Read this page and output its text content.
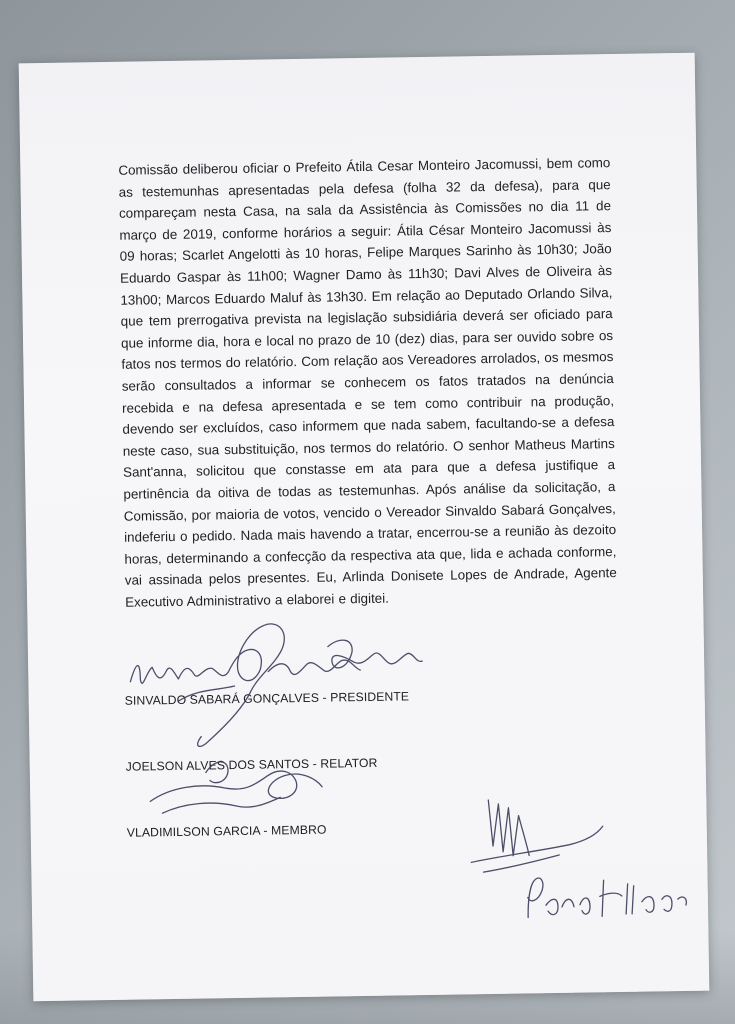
Comissão deliberou oficiar o Prefeito Átila Cesar Monteiro Jacomussi, bem como as testemunhas apresentadas pela defesa (folha 32 da defesa), para que compareçam nesta Casa, na sala da Assistência às Comissões no dia 11 de março de 2019, conforme horários a seguir: Átila César Monteiro Jacomussi às 09 horas; Scarlet Angelotti às 10 horas, Felipe Marques Sarinho às 10h30; João Eduardo Gaspar às 11h00; Wagner Damo às 11h30; Davi Alves de Oliveira às 13h00; Marcos Eduardo Maluf às 13h30. Em relação ao Deputado Orlando Silva, que tem prerrogativa prevista na legislação subsidiária deverá ser oficiado para que informe dia, hora e local no prazo de 10 (dez) dias, para ser ouvido sobre os fatos nos termos do relatório. Com relação aos Vereadores arrolados, os mesmos serão consultados a informar se conhecem os fatos tratados na denúncia recebida e na defesa apresentada e se tem como contribuir na produção, devendo ser excluídos, caso informem que nada sabem, facultando-se a defesa neste caso, sua substituição, nos termos do relatório. O senhor Matheus Martins Sant'anna, solicitou que constasse em ata para que a defesa justifique a pertinência da oitiva de todas as testemunhas. Após análise da solicitação, a Comissão, por maioria de votos, vencido o Vereador Sinvaldo Sabará Gonçalves, indeferiu o pedido. Nada mais havendo a tratar, encerrou-se a reunião às dezoito horas, determinando a confecção da respectiva ata que, lida e achada conforme, vai assinada pelos presentes. Eu, Arlinda Donisete Lopes de Andrade, Agente Executivo Administrativo a elaborei e digitei.

SINVALDO SABARÁ GONÇALVES - PRESIDENTE
JOELSON ALVES DOS SANTOS - RELATOR
VLADIMILSON GARCIA - MEMBRO
